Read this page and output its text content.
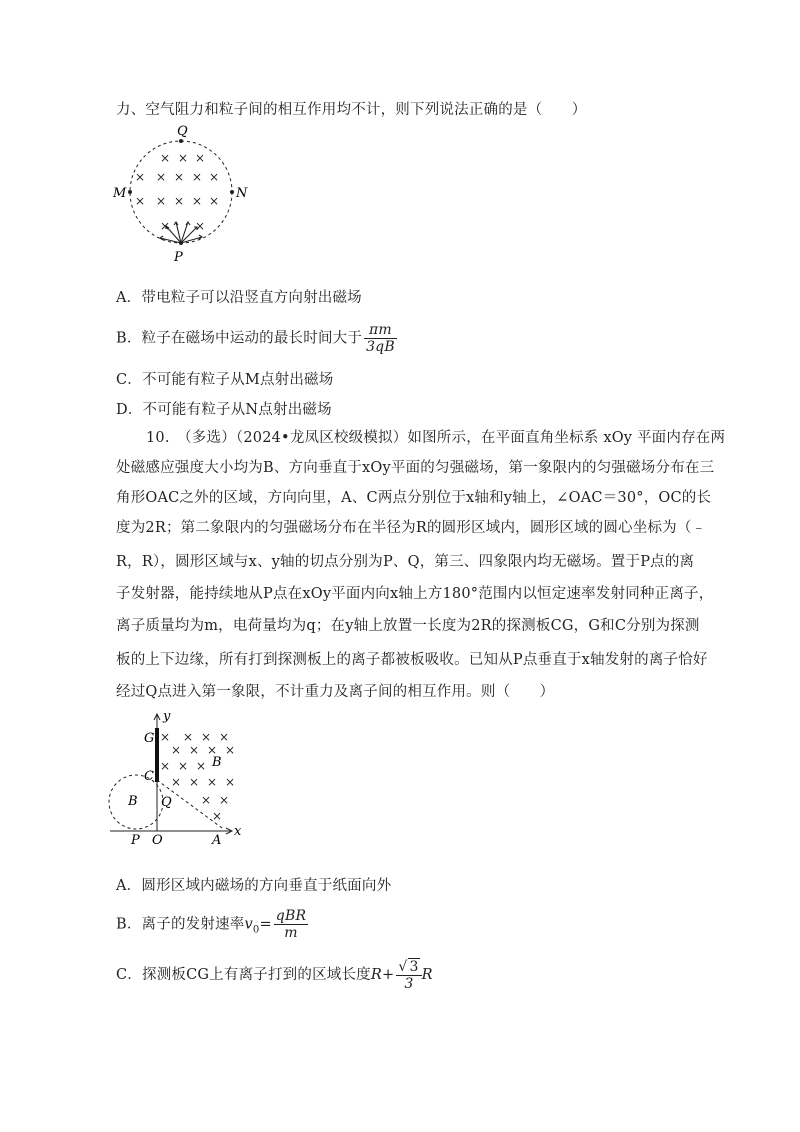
力、空气阻力和粒子间的相互作用均不计，则下列说法正确的是（　　）
× × ×
× × × × ×
× × × × ×
× ×
Q
M	N
P
A．带电粒子可以沿竖直方向射出磁场
B．粒子在磁场中运动的最长时间大于 $\frac{\pi m}{3qB}$
C．不可能有粒子从M点射出磁场
D．不可能有粒子从N点射出磁场
10.　（多选）（2024•龙凤区校级模拟）如图所示，在平面直角坐标系 xOy 平面内存在两
处磁感应强度大小均为B、方向垂直于xOy平面的匀强磁场，第一象限内的匀强磁场分布在三
角形OAC之外的区域，方向向里，A、C两点分别位于x轴和y轴上，∠OAC＝30°，OC的长
度为2R；第二象限内的匀强磁场分布在半径为R的圆形区域内，圆形区域的圆心坐标为（﹣
R，R），圆形区域与x、y轴的切点分别为P、Q，第三、四象限内均无磁场。置于P点的离
子发射器，能持续地从P点在xOy平面内向x轴上方180°范围内以恒定速率发射同种正离子，
离子质量均为m，电荷量均为q；在y轴上放置一长度为2R的探测板CG，G和C分别为探测
板的上下边缘，所有打到探测板上的离子都被板吸收。已知从P点垂直于x轴发射的离子恰好
经过Q点进入第一象限，不计重力及离子间的相互作用。则（　　）
× × × ×
× × × ×
× × ×
× × × ×
× ×
×
y
x
G
C
Q
B
B
P O	A
A．圆形区域内磁场的方向垂直于纸面向外
B．离子的发射速率$v_0= \frac{\text{qBR}}{m}$
C．探测板CG上有离子打到的区域长度$R+ \frac{√ 3}{3}$ R
